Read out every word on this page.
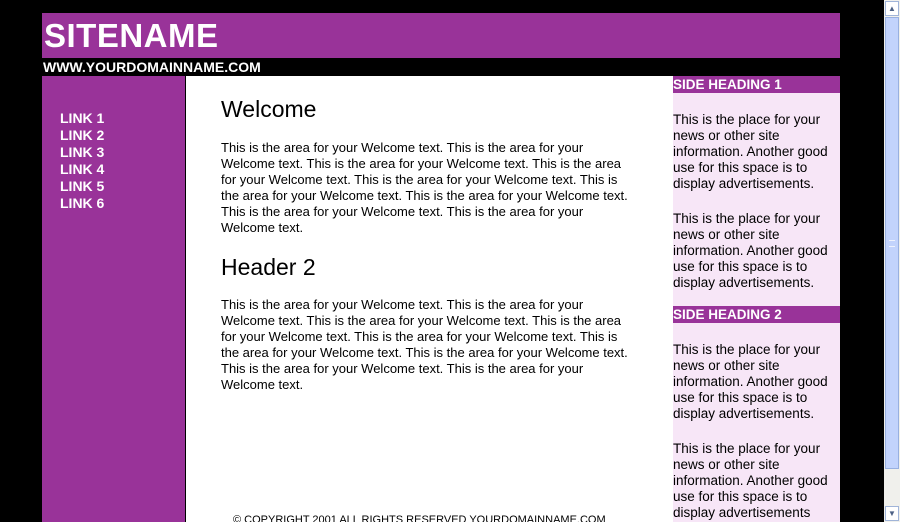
SITENAME
WWW.YOURDOMAINNAME.COM
LINK 1
LINK 2
LINK 3
LINK 4
LINK 5
LINK 6
Welcome

This is the area for your Welcome text. This is the area for your Welcome text. This is the area for your Welcome text. This is the area for your Welcome text. This is the area for your Welcome text. This is the area for your Welcome text. This is the area for your Welcome text. This is the area for your Welcome text. This is the area for your Welcome text.

Header 2

This is the area for your Welcome text. This is the area for your Welcome text. This is the area for your Welcome text. This is the area for your Welcome text. This is the area for your Welcome text. This is the area for your Welcome text. This is the area for your Welcome text. This is the area for your Welcome text. This is the area for your Welcome text.

© COPYRIGHT 2001 ALL RIGHTS RESERVED YOURDOMAINNAME.COM
SIDE HEADING 1

This is the place for your news or other site information. Another good use for this space is to display advertisements.

This is the place for your news or other site information. Another good use for this space is to display advertisements.

SIDE HEADING 2

This is the place for your news or other site information. Another good use for this space is to display advertisements.

This is the place for your news or other site information. Another good use for this space is to display advertisements

▲
▼
